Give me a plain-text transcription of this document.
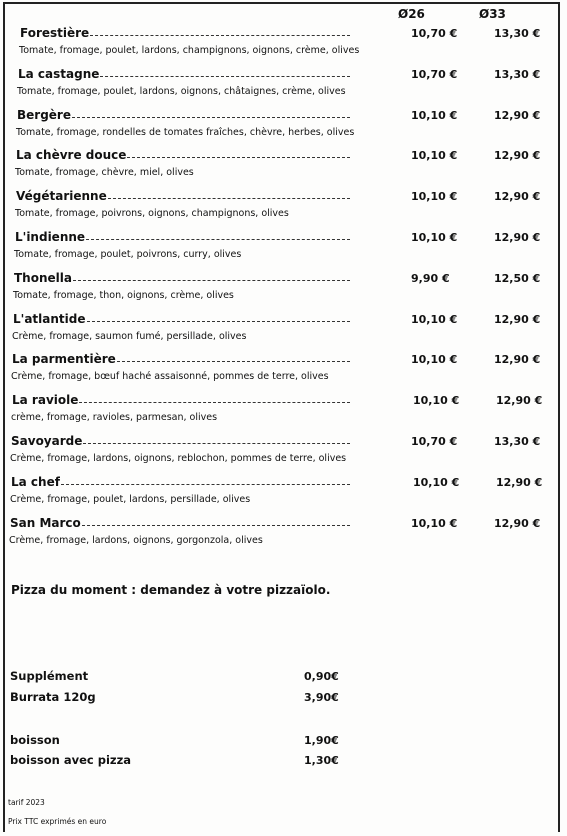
Ø26	Ø33
Forestière	10,70 €	13,30 €
Tomate, fromage, poulet, lardons, champignons, oignons, crème, olives
La castagne	10,70 €	13,30 €
Tomate, fromage, poulet, lardons, oignons, châtaignes, crème, olives
Bergère	10,10 €	12,90 €
Tomate, fromage, rondelles de tomates fraîches, chèvre, herbes, olives
La chèvre douce	10,10 €	12,90 €
Tomate, fromage, chèvre, miel, olives
Végétarienne	10,10 €	12,90 €
Tomate, fromage, poivrons, oignons, champignons, olives
L'indienne	10,10 €	12,90 €
Tomate, fromage, poulet, poivrons, curry, olives
Thonella	9,90 €	12,50 €
Tomate, fromage, thon, oignons, crème, olives
L'atlantide	10,10 €	12,90 €
Crème, fromage, saumon fumé, persillade, olives
La parmentière	10,10 €	12,90 €
Crème, fromage, bœuf haché assaisonné, pommes de terre, olives
La raviole	10,10 €	12,90 €
crème, fromage, ravioles, parmesan, olives
Savoyarde	10,70 €	13,30 €
Crème, fromage, lardons, oignons, reblochon, pommes de terre, olives
La chef	10,10 €	12,90 €
Crème, fromage, poulet, lardons, persillade, olives
San Marco	10,10 €	12,90 €
Crème, fromage, lardons, oignons, gorgonzola, olives
Pizza du moment : demandez à votre pizzaïolo.
Supplément	0,90€
Burrata 120g	3,90€
boisson	1,90€
boisson avec pizza	1,30€
tarif 2023
Prix TTC exprimés en euro
